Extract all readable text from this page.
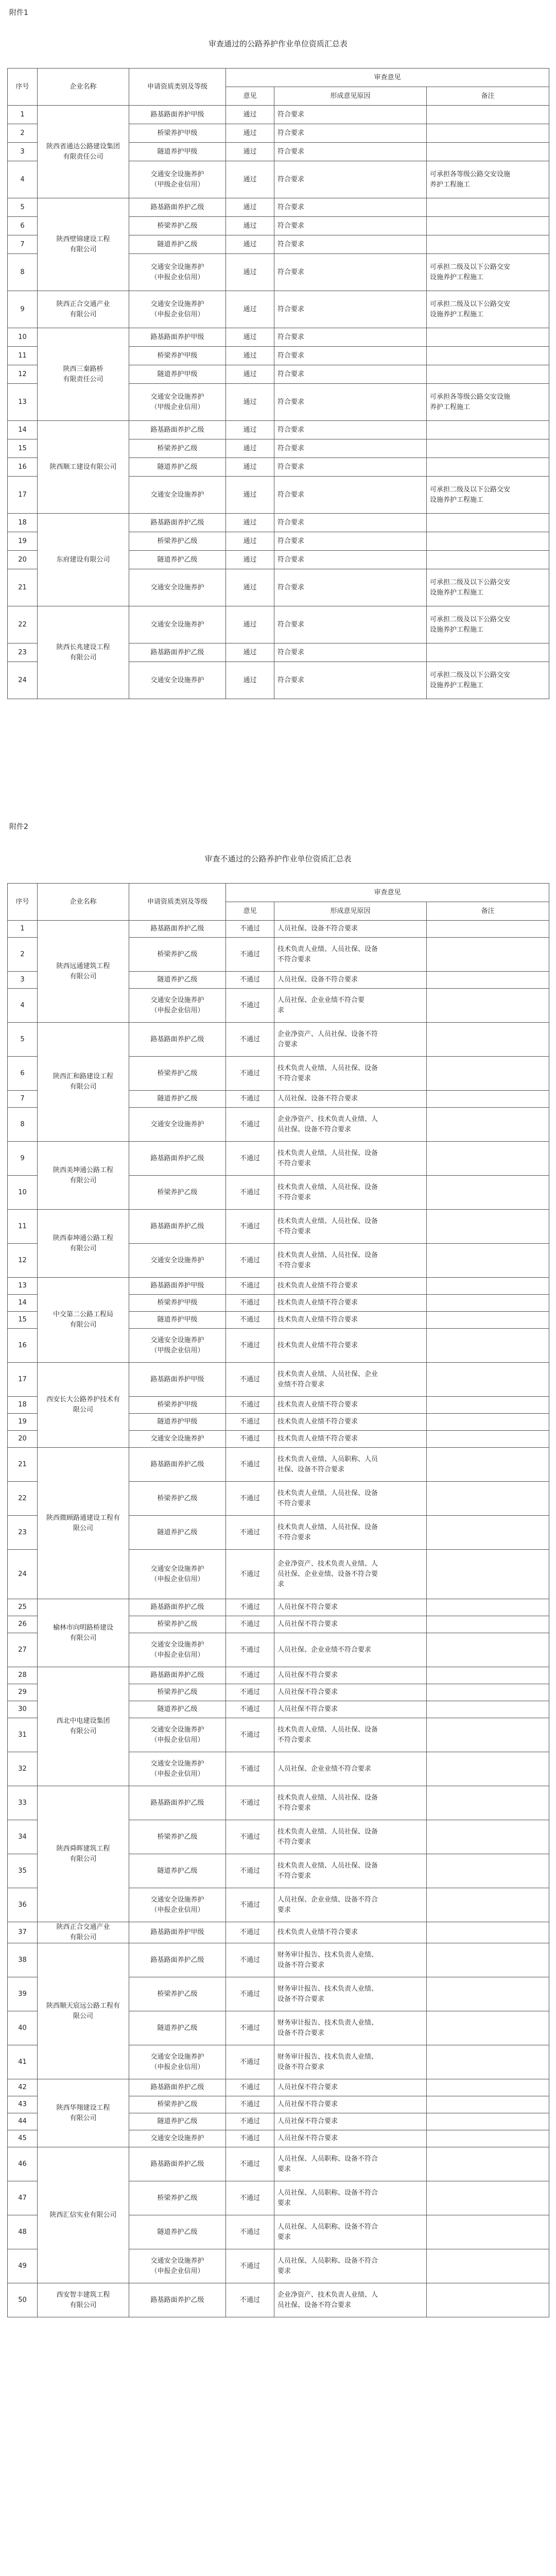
附件1
审查通过的公路养护作业单位资质汇总表
序号	企业名称	申请资质类别及等级	审查意见		
			意见	形成意见原因	备注
1	陕西省通达公路建设集团
有限责任公司	路基路面养护甲级	通过	符合要求	
2		桥梁养护甲级	通过	符合要求	
3		隧道养护甲级	通过	符合要求	
4		交通安全设施养护
（甲级企业信用）	通过	符合要求	可承担各等级公路交安设施
养护工程施工
5	陕西壁锦建设工程
有限公司	路基路面养护乙级	通过	符合要求	
6		桥梁养护乙级	通过	符合要求	
7		隧道养护乙级	通过	符合要求	
8		交通安全设施养护
（申报企业信用）	通过	符合要求	可承担二级及以下公路交安
设施养护工程施工
9	陕西正合交通产业
有限公司	交通安全设施养护
（申报企业信用）	通过	符合要求	可承担二级及以下公路交安
设施养护工程施工
10	陕西三秦路桥
有限责任公司	路基路面养护甲级	通过	符合要求	
11		桥梁养护甲级	通过	符合要求	
12		隧道养护甲级	通过	符合要求	
13		交通安全设施养护
（甲级企业信用）	通过	符合要求	可承担各等级公路交安设施
养护工程施工
14	陕西顺工建设有限公司	路基路面养护乙级	通过	符合要求	
15		桥梁养护乙级	通过	符合要求	
16		隧道养护乙级	通过	符合要求	
17		交通安全设施养护	通过	符合要求	可承担二级及以下公路交安
设施养护工程施工
18	东府建设有限公司	路基路面养护乙级	通过	符合要求	
19		桥梁养护乙级	通过	符合要求	
20		隧道养护乙级	通过	符合要求	
21		交通安全设施养护	通过	符合要求	可承担二级及以下公路交安
设施养护工程施工
22	陕西长兆建设工程
有限公司	交通安全设施养护	通过	符合要求	可承担二级及以下公路交安
设施养护工程施工
23		路基路面养护乙级	通过	符合要求	
24		交通安全设施养护	通过	符合要求	可承担二级及以下公路交安
设施养护工程施工
附件2
审查不通过的公路养护作业单位资质汇总表
序号	企业名称	申请资质类别及等级	审查意见		
			意见	形成意见原因	备注
1	陕西远通建筑工程
有限公司	路基路面养护乙级	不通过	人员社保、设备不符合要求	
2		桥梁养护乙级	不通过	技术负责人业绩、人员社保、设备
不符合要求	
3		隧道养护乙级	不通过	人员社保、设备不符合要求	
4		交通安全设施养护
（申报企业信用）	不通过	人员社保、企业业绩不符合要
求	
5	陕西汇和路建设工程
有限公司	路基路面养护乙级	不通过	企业净资产、人员社保、设备不符
合要求	
6		桥梁养护乙级	不通过	技术负责人业绩、人员社保、设备
不符合要求	
7		隧道养护乙级	不通过	人员社保、设备不符合要求	
8		交通安全设施养护	不通过	企业净资产、技术负责人业绩、人
员社保、设备不符合要求	
9	陕西美坤通公路工程
有限公司	路基路面养护乙级	不通过	技术负责人业绩、人员社保、设备
不符合要求	
10		桥梁养护乙级	不通过	技术负责人业绩、人员社保、设备
不符合要求	
11	陕西泰坤通公路工程
有限公司	路基路面养护乙级	不通过	技术负责人业绩、人员社保、设备
不符合要求	
12		交通安全设施养护	不通过	技术负责人业绩、人员社保、设备
不符合要求	
13	中交第二公路工程局
有限公司	路基路面养护甲级	不通过	技术负责人业绩不符合要求	
14		桥梁养护甲级	不通过	技术负责人业绩不符合要求	
15		隧道养护甲级	不通过	技术负责人业绩不符合要求	
16		交通安全设施养护
（甲级企业信用）	不通过	技术负责人业绩不符合要求	
17	西安长大公路养护技术有
限公司	路基路面养护甲级	不通过	技术负责人业绩、人员社保、企业
业绩不符合要求	
18		桥梁养护甲级	不通过	技术负责人业绩不符合要求	
19		隧道养护甲级	不通过	技术负责人业绩不符合要求	
20		交通安全设施养护	不通过	技术负责人业绩不符合要求	
21	陕西微顾路通建设工程有
限公司	路基路面养护乙级	不通过	技术负责人业绩、人员职称、人员
社保、设备不符合要求	
22		桥梁养护乙级	不通过	技术负责人业绩、人员社保、设备
不符合要求	
23		隧道养护乙级	不通过	技术负责人业绩、人员社保、设备
不符合要求	
24		交通安全设施养护
（申报企业信用）	不通过	企业净资产、技术负责人业绩、人
员社保、企业业绩、设备不符合要
求	
25	榆林市向明路桥建设
有限公司	路基路面养护乙级	不通过	人员社保不符合要求	
26		桥梁养护乙级	不通过	人员社保不符合要求	
27		交通安全设施养护
（申报企业信用）	不通过	人员社保、企业业绩不符合要求	
28	西北中电建设集团
有限公司	路基路面养护乙级	不通过	人员社保不符合要求	
29		桥梁养护乙级	不通过	人员社保不符合要求	
30		隧道养护乙级	不通过	人员社保不符合要求	
31		交通安全设施养护
（申报企业信用）	不通过	技术负责人业绩、人员社保、设备
不符合要求	
32		交通安全设施养护
（申报企业信用）	不通过	人员社保、企业业绩不符合要求	
33	陕西舜晖建筑工程
有限公司	路基路面养护乙级	不通过	技术负责人业绩、人员社保、设备
不符合要求	
34		桥梁养护乙级	不通过	技术负责人业绩、人员社保、设备
不符合要求	
35		隧道养护乙级	不通过	技术负责人业绩、人员社保、设备
不符合要求	
36		交通安全设施养护
（申报企业信用）	不通过	人员社保、企业业绩、设备不符合
要求	
37	陕西正合交通产业
有限公司	路基路面养护甲级	不通过	技术负责人业绩不符合要求	
38	陕西顺天宸远公路工程有
限公司	路基路面养护乙级	不通过	财务审计报告、技术负责人业绩、
设备不符合要求	
39		桥梁养护乙级	不通过	财务审计报告、技术负责人业绩、
设备不符合要求	
40		隧道养护乙级	不通过	财务审计报告、技术负责人业绩、
设备不符合要求	
41		交通安全设施养护
（申报企业信用）	不通过	财务审计报告、技术负责人业绩、
设备不符合要求	
42	陕西华翔建设工程
有限公司	路基路面养护乙级	不通过	人员社保不符合要求	
43		桥梁养护乙级	不通过	人员社保不符合要求	
44		隧道养护乙级	不通过	人员社保不符合要求	
45		交通安全设施养护	不通过	人员社保不符合要求	
46	陕西汇信实业有限公司	路基路面养护乙级	不通过	人员社保、人员职称、设备不符合
要求	
47		桥梁养护乙级	不通过	人员社保、人员职称、设备不符合
要求	
48		隧道养护乙级	不通过	人员社保、人员职称、设备不符合
要求	
49		交通安全设施养护
（申报企业信用）	不通过	人员社保、人员职称、设备不符合
要求	
50	西安智丰建筑工程
有限公司	路基路面养护乙级	不通过	企业净资产、技术负责人业绩、人
员社保、设备不符合要求	
